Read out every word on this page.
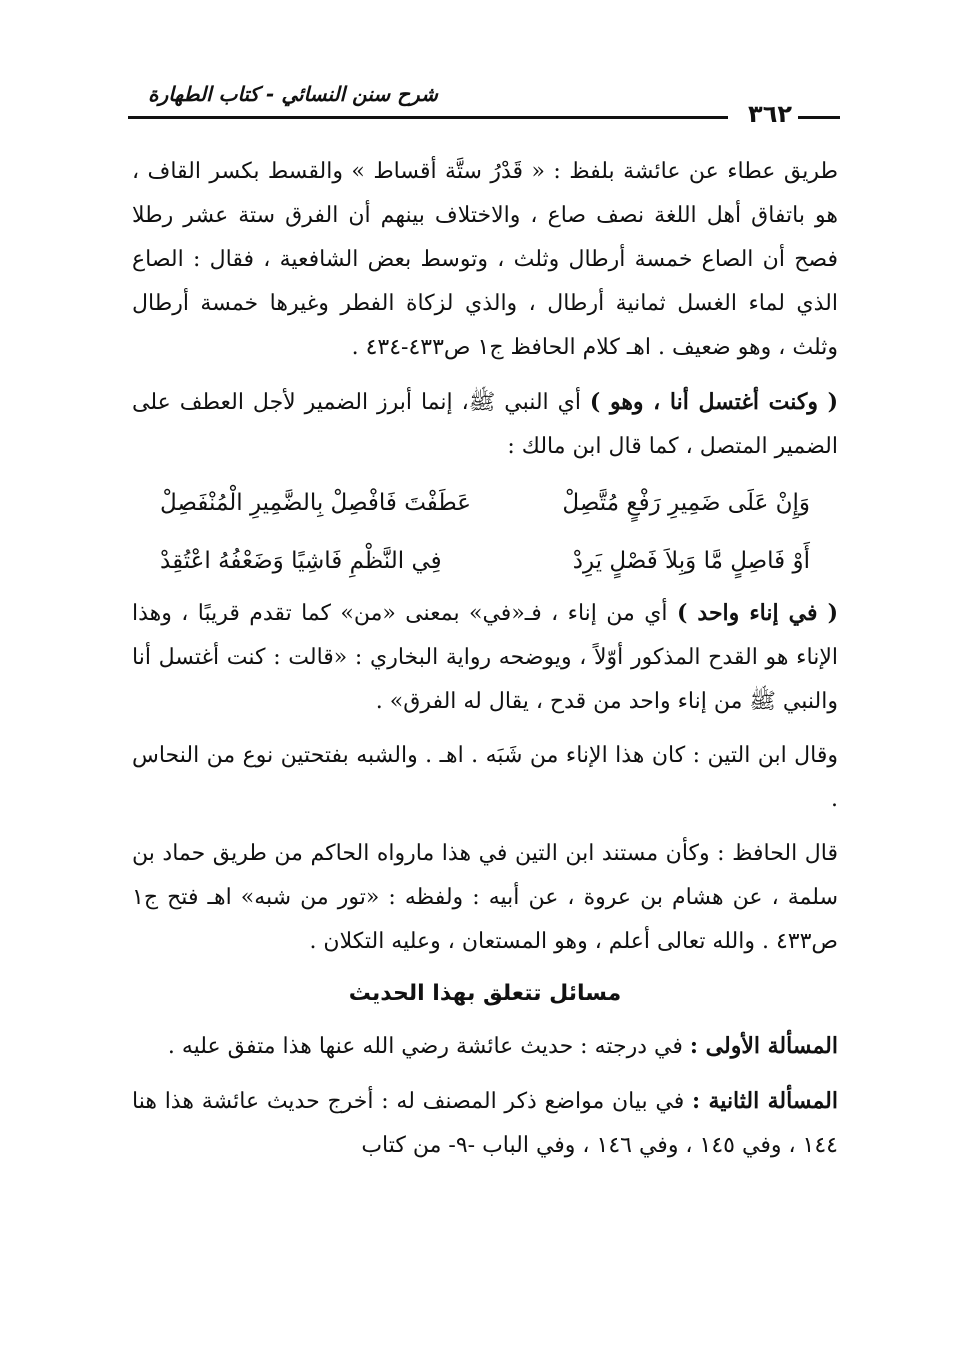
شرح سنن النسائي - كتاب الطهارة
٣٦٢

طريق عطاء عن عائشة بلفظ : « قَدْرُ ستَّة أقساط » والقسط بكسر القاف ، هو باتفاق أهل اللغة نصف صاع ، والاختلاف بينهم أن الفرق ستة عشر رطلا فصح أن الصاع خمسة أرطال وثلث ، وتوسط بعض الشافعية ، فقال : الصاع الذي لماء الغسل ثمانية أرطال ، والذي لزكاة الفطر وغيرها خمسة أرطال وثلث ، وهو ضعيف . اهـ كلام الحافظ ج١ ص٤٣٣-٤٣٤ .

( وكنت أغتسل أنا ، وهو ) أي النبي ﷺ، إنما أبرز الضمير لأجل العطف على الضمير المتصل ، كما قال ابن مالك :

وَإِنْ عَلَى ضَمِيرِ رَفْعٍ مُتَّصِلْ
عَطَفْتَ فَافْصِلْ بِالضَّمِيرِ الْمُنْفَصِلْ
أَوْ فَاصِلٍ مَّا وَبِلاَ فَصْلٍ يَرِدْ
فِي النَّظْمِ فَاشِيًا وَضَعْفُهُ اعْتُقِدْ

( في إناء واحد ) أي من إناء ، فـ«في» بمعنى «من» كما تقدم قريبًا ، وهذا الإناء هو القدح المذكور أوّلاً ، ويوضحه رواية البخاري : «قالت : كنت أغتسل أنا والنبي ﷺ من إناء واحد من قدح ، يقال له الفرق» .

وقال ابن التين : كان هذا الإناء من شَبَه . اهـ . والشبه بفتحتين نوع من النحاس .

قال الحافظ : وكأن مستند ابن التين في هذا مارواه الحاكم من طريق حماد بن سلمة ، عن هشام بن عروة ، عن أبيه : ولفظه : «تور من شبه» اهـ فتح ج١ ص٤٣٣ . والله تعالى أعلم ، وهو المستعان ، وعليه التكلان .

مسائل تتعلق بهذا الحديث

المسألة الأولى : في درجته : حديث عائشة رضي الله عنها هذا متفق عليه .

المسألة الثانية : في بيان مواضع ذكر المصنف له : أخرج حديث عائشة هذا هنا ١٤٤ ، وفي ١٤٥ ، وفي ١٤٦ ، وفي الباب -٩- من كتاب
